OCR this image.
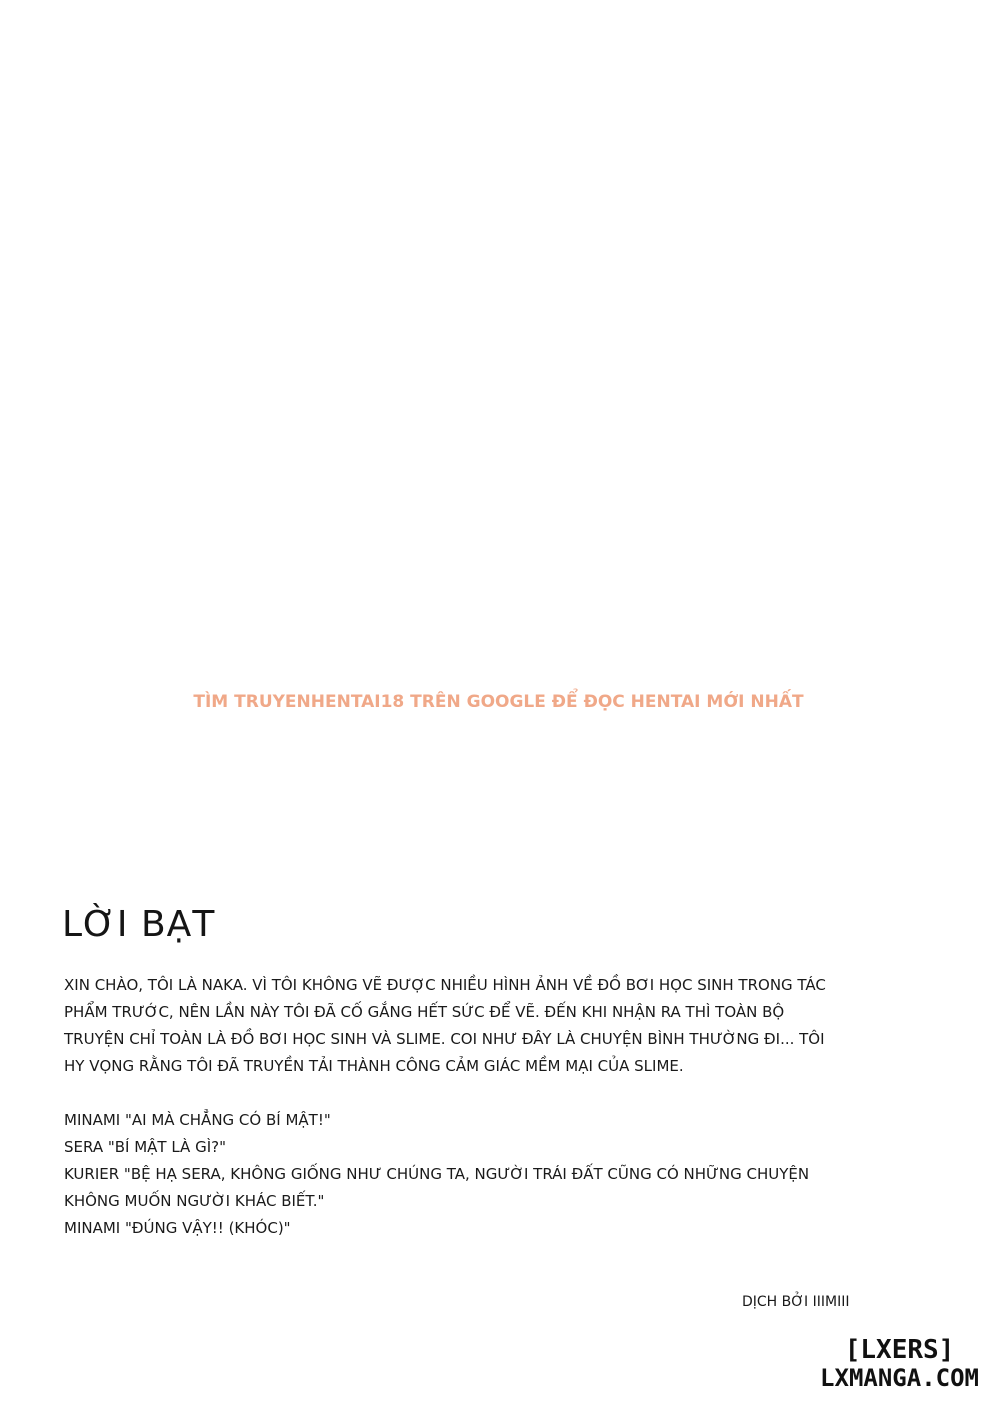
TÌM TRUYENHENTAI18 TRÊN GOOGLE ĐỂ ĐỌC HENTAI MỚI NHẤT
LỜI BẠT
XIN CHÀO, TÔI LÀ NAKA. VÌ TÔI KHÔNG VẼ ĐƯỢC NHIỀU HÌNH ẢNH VỀ ĐỒ BƠI HỌC SINH TRONG TÁC
PHẨM TRƯỚC, NÊN LẦN NÀY TÔI ĐÃ CỐ GẮNG HẾT SỨC ĐỂ VẼ. ĐẾN KHI NHẬN RA THÌ TOÀN BỘ
TRUYỆN CHỈ TOÀN LÀ ĐỒ BƠI HỌC SINH VÀ SLIME. COI NHƯ ĐÂY LÀ CHUYỆN BÌNH THƯỜNG ĐI... TÔI
HY VỌNG RẰNG TÔI ĐÃ TRUYỀN TẢI THÀNH CÔNG CẢM GIÁC MỀM MẠI CỦA SLIME.
MINAMI "AI MÀ CHẲNG CÓ BÍ MẬT!"
SERA "BÍ MẬT LÀ GÌ?"
KURIER "BỆ HẠ SERA, KHÔNG GIỐNG NHƯ CHÚNG TA, NGƯỜI TRÁI ĐẤT CŨNG CÓ NHỮNG CHUYỆN
KHÔNG MUỐN NGƯỜI KHÁC BIẾT."
MINAMI "ĐÚNG VẬY!! (KHÓC)"
DỊCH BỞI IIIMIII
[LXERS]
LXMANGA.COM
